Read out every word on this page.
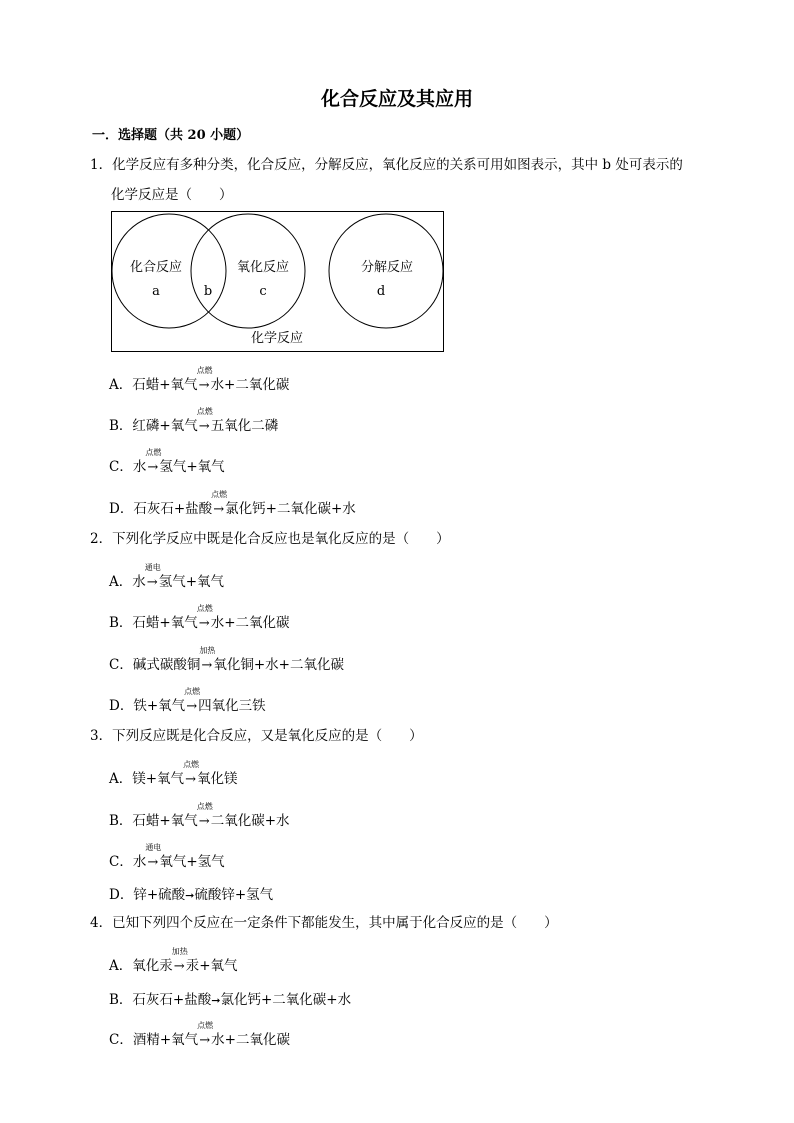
化合反应及其应用
一．选择题（共 20 小题）
1．化学反应有多种分类，化合反应，分解反应，氧化反应的关系可用如图表示，其中 b 处可表示的
化学反应是（　　）
化合反应
a	b
氧化反应
c
分解反应
d
化学反应
A．石蜡+氧气
点燃
→水+二氧化碳
B．红磷+氧气
点燃
→五氧化二磷
C．水
点燃
→氢气+氧气
D．石灰石+盐酸
点燃
→氯化钙+二氧化碳+水
2．下列化学反应中既是化合反应也是氧化反应的是（　　）
A．水
通电
→氢气+氧气
B．石蜡+氧气
点燃
→水+二氧化碳
C．碱式碳酸铜
加热
→氧化铜+水+二氧化碳
D．铁+氧气
点燃
→四氧化三铁
3．下列反应既是化合反应，又是氧化反应的是（　　）
A．镁+氧气
点燃
→氧化镁
B．石蜡+氧气
点燃
→二氧化碳+水
C．水
通电
→氧气+氢气
D．锌+硫酸➞硫酸锌+氢气
4．已知下列四个反应在一定条件下都能发生，其中属于化合反应的是（　　）
A．氧化汞
加热
→汞+氧气
B．石灰石+盐酸➞氯化钙+二氧化碳+水
C．酒精+氧气
点燃
→水+二氧化碳
